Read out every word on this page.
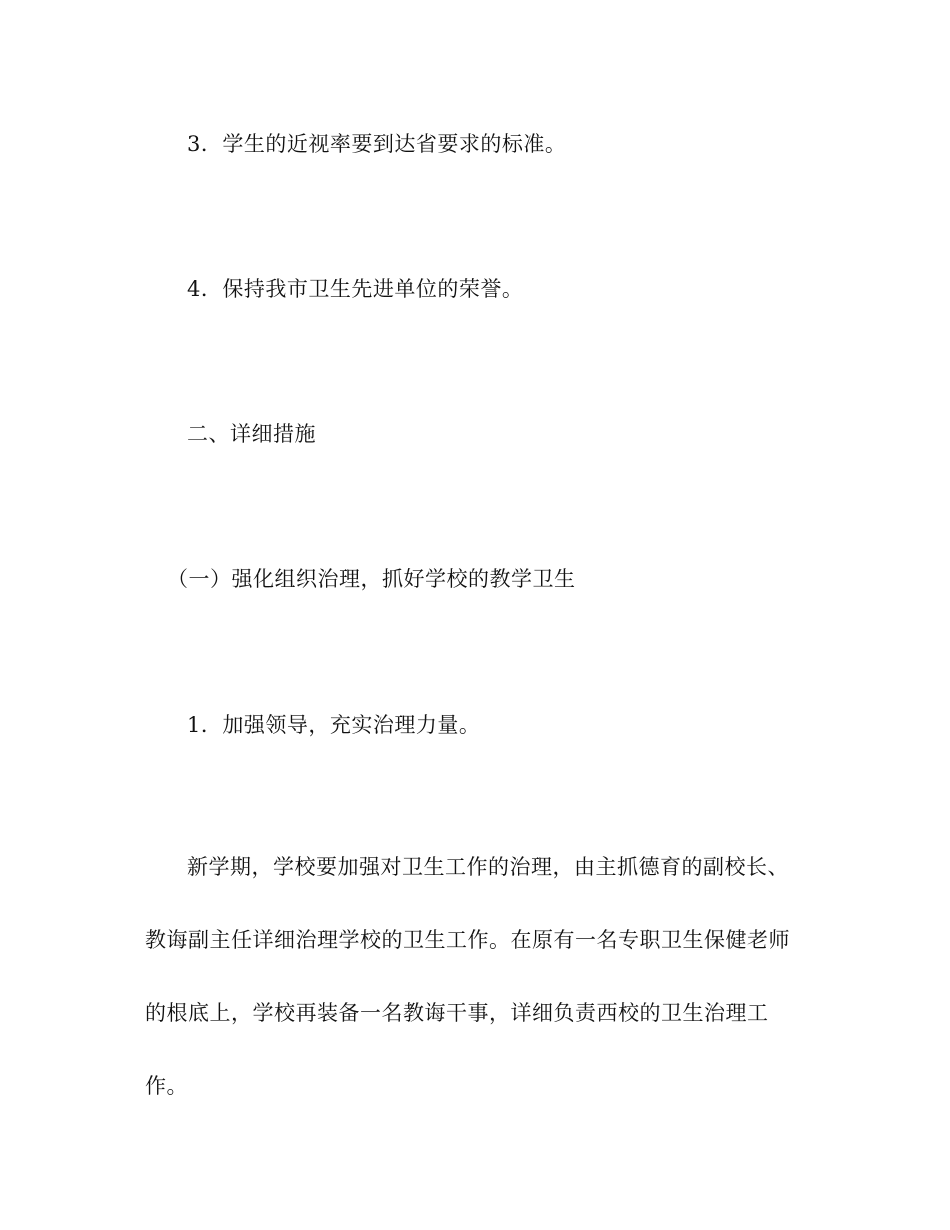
3．学生的近视率要到达省要求的标准。
4．保持我市卫生先进单位的荣誉。
二、详细措施
（一）强化组织治理，抓好学校的教学卫生
1．加强领导，充实治理力量。
新学期，学校要加强对卫生工作的治理，由主抓德育的副校长、
教诲副主任详细治理学校的卫生工作。在原有一名专职卫生保健老师
的根底上，学校再装备一名教诲干事，详细负责西校的卫生治理工
作。
